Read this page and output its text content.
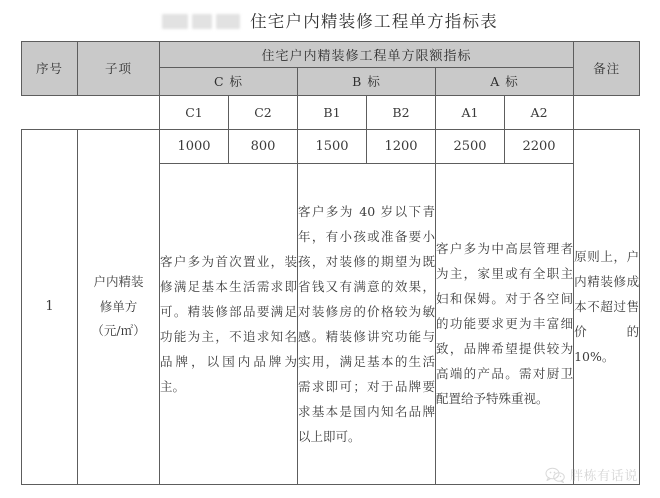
住宅户内精装修工程单方指标表
序号	子项	住宅户内精装修工程单方限额指标						备注
		C 标		B 标		A 标		
		C1	C2	B1	B2	A1	A2	
1	户内精装
修单方
（元/㎡）	1000	800	1500	1200	2500	2200	原则上，户内精装修成本不超过售价的 10%。
		客户多为首次置业，装修满足基本生活需求即可。精装修部品要满足功能为主，不追求知名品牌，以国内品牌为主。		客户多为 40 岁以下青年，有小孩或准备要小孩，对装修的期望为既省钱又有满意的效果，对装修房的价格较为敏感。精装修讲究功能与实用，满足基本的生活需求即可；对于品牌要求基本是国内知名品牌以上即可。		客户多为中高层管理者为主，家里或有全职主妇和保姆。对于各空间的功能要求更为丰富细致，品牌希望提供较为高端的产品。需对厨卫配置给予特殊重视。		
胖栋有话说
